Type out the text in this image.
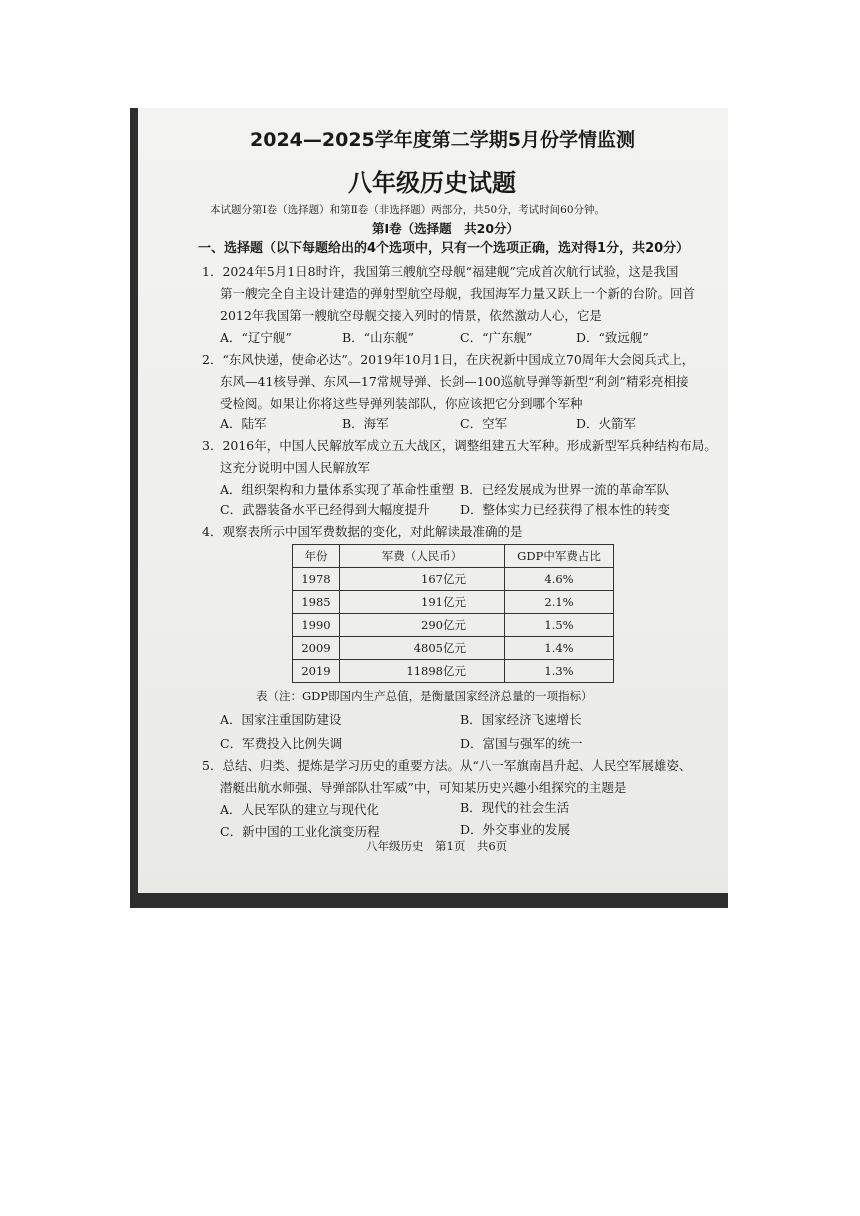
2024—2025学年度第二学期5月份学情监测
八年级历史试题
本试题分第Ⅰ卷（选择题）和第Ⅱ卷（非选择题）两部分，共50分，考试时间60分钟。
第Ⅰ卷（选择题　共20分）
一、选择题（以下每题给出的4个选项中，只有一个选项正确，选对得1分，共20分）
1．2024年5月1日8时许，我国第三艘航空母舰“福建舰”完成首次航行试验，这是我国
第一艘完全自主设计建造的弹射型航空母舰，我国海军力量又跃上一个新的台阶。回首
2012年我国第一艘航空母舰交接入列时的情景，依然激动人心，它是
A．“辽宁舰”	B．“山东舰”	C．“广东舰”	D．“致远舰”
2．“东风快递，使命必达”。2019年10月1日，在庆祝新中国成立70周年大会阅兵式上，
东风—41核导弹、东风—17常规导弹、长剑—100巡航导弹等新型“利剑”精彩亮相接
受检阅。如果让你将这些导弹列装部队，你应该把它分到哪个军种
A．陆军	B．海军	C．空军	D．火箭军
3．2016年，中国人民解放军成立五大战区，调整组建五大军种。形成新型军兵种结构布局。
这充分说明中国人民解放军
A．组织架构和力量体系实现了革命性重塑 B．已经发展成为世界一流的革命军队
C．武器装备水平已经得到大幅度提升 D．整体实力已经获得了根本性的转变
4．观察表所示中国军费数据的变化，对此解读最准确的是
年份	军费（人民币）	GDP中军费占比
1978	167亿元	4.6%
1985	191亿元	2.1%
1990	290亿元	1.5%
2009	4805亿元	1.4%
2019	11898亿元	1.3%
表（注：GDP即国内生产总值，是衡量国家经济总量的一项指标）
A．国家注重国防建设	B．国家经济飞速增长
C．军费投入比例失调	D．富国与强军的统一
5．总结、归类、提炼是学习历史的重要方法。从“八一军旗南昌升起、人民空军展雄姿、
潜艇出航水师强、导弹部队壮军威”中，可知某历史兴趣小组探究的主题是
A．人民军队的建立与现代化	B．现代的社会生活
C．新中国的工业化演变历程	D．外交事业的发展
八年级历史　第1页　共6页
